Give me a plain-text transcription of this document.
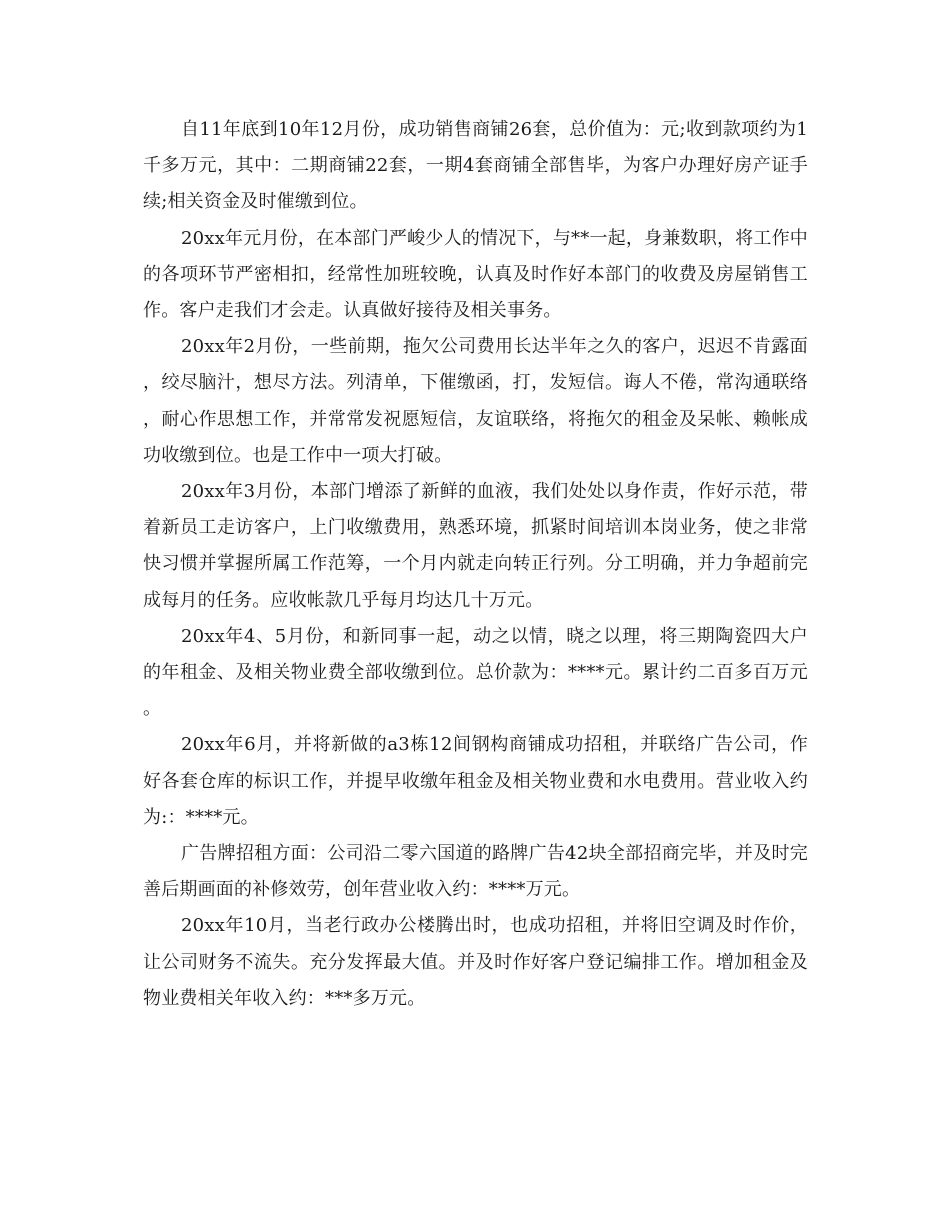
自11年底到10年12月份，成功销售商铺26套，总价值为：元;收到款项约为1千多万元，其中：二期商铺22套，一期4套商铺全部售毕，为客户办理好房产证手续;相关资金及时催缴到位。

20xx年元月份，在本部门严峻少人的情况下，与**一起，身兼数职，将工作中的各项环节严密相扣，经常性加班较晚，认真及时作好本部门的收费及房屋销售工作。客户走我们才会走。认真做好接待及相关事务。

20xx年2月份，一些前期，拖欠公司费用长达半年之久的客户，迟迟不肯露面，绞尽脑汁，想尽方法。列清单，下催缴函，打，发短信。诲人不倦，常沟通联络，耐心作思想工作，并常常发祝愿短信，友谊联络，将拖欠的租金及呆帐、赖帐成功收缴到位。也是工作中一项大打破。

20xx年3月份，本部门增添了新鲜的血液，我们处处以身作责，作好示范，带着新员工走访客户，上门收缴费用，熟悉环境，抓紧时间培训本岗业务，使之非常快习惯并掌握所属工作范筹，一个月内就走向转正行列。分工明确，并力争超前完成每月的任务。应收帐款几乎每月均达几十万元。

20xx年4、5月份，和新同事一起，动之以情，晓之以理，将三期陶瓷四大户的年租金、及相关物业费全部收缴到位。总价款为：****元。累计约二百多百万元。

20xx年6月，并将新做的a3栋12间钢构商铺成功招租，并联络广告公司，作好各套仓库的标识工作，并提早收缴年租金及相关物业费和水电费用。营业收入约为:：****元。

广告牌招租方面：公司沿二零六国道的路牌广告42块全部招商完毕，并及时完善后期画面的补修效劳，创年营业收入约：****万元。

20xx年10月，当老行政办公楼腾出时，也成功招租，并将旧空调及时作价，让公司财务不流失。充分发挥最大值。并及时作好客户登记编排工作。增加租金及物业费相关年收入约：***多万元。
